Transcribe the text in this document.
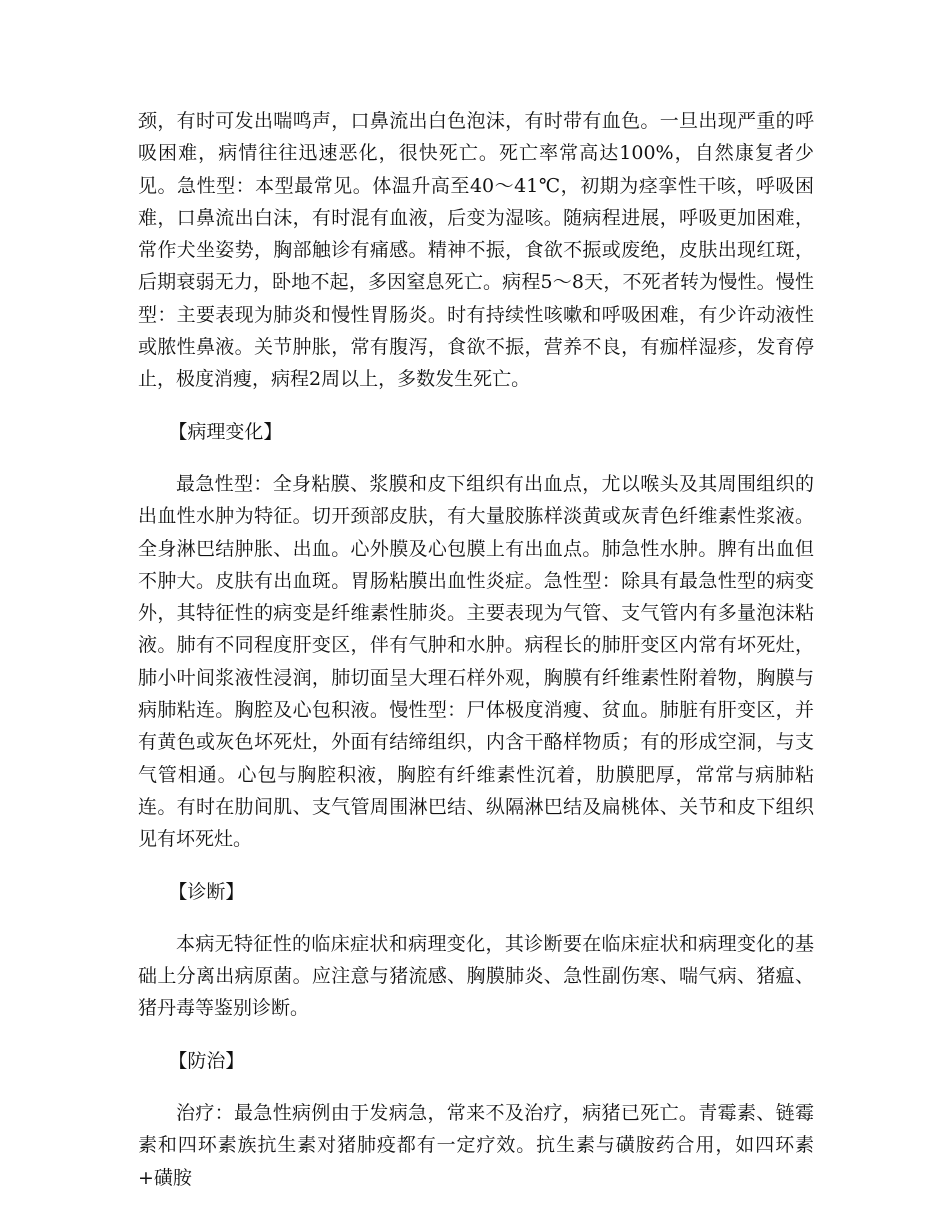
颈，有时可发出喘鸣声，口鼻流出白色泡沫，有时带有血色。一旦出现严重的呼吸困难，病情往往迅速恶化，很快死亡。死亡率常高达100%，自然康复者少见。急性型：本型最常见。体温升高至40～41℃，初期为痉挛性干咳，呼吸困难，口鼻流出白沫，有时混有血液，后变为湿咳。随病程进展，呼吸更加困难，常作犬坐姿势，胸部触诊有痛感。精神不振，食欲不振或废绝，皮肤出现红斑，后期衰弱无力，卧地不起，多因窒息死亡。病程5～8天，不死者转为慢性。慢性型：主要表现为肺炎和慢性胃肠炎。时有持续性咳嗽和呼吸困难，有少许动液性或脓性鼻液。关节肿胀，常有腹泻，食欲不振，营养不良，有痂样湿疹，发育停止，极度消瘦，病程2周以上，多数发生死亡。

【病理变化】

最急性型：全身粘膜、浆膜和皮下组织有出血点，尤以喉头及其周围组织的出血性水肿为特征。切开颈部皮肤，有大量胶胨样淡黄或灰青色纤维素性浆液。全身淋巴结肿胀、出血。心外膜及心包膜上有出血点。肺急性水肿。脾有出血但不肿大。皮肤有出血斑。胃肠粘膜出血性炎症。急性型：除具有最急性型的病变外，其特征性的病变是纤维素性肺炎。主要表现为气管、支气管内有多量泡沫粘液。肺有不同程度肝变区，伴有气肿和水肿。病程长的肺肝变区内常有坏死灶，肺小叶间浆液性浸润，肺切面呈大理石样外观，胸膜有纤维素性附着物，胸膜与病肺粘连。胸腔及心包积液。慢性型：尸体极度消瘦、贫血。肺脏有肝变区，并有黄色或灰色坏死灶，外面有结缔组织，内含干酪样物质；有的形成空洞，与支气管相通。心包与胸腔积液，胸腔有纤维素性沉着，肋膜肥厚，常常与病肺粘连。有时在肋间肌、支气管周围淋巴结、纵隔淋巴结及扁桃体、关节和皮下组织见有坏死灶。

【诊断】

本病无特征性的临床症状和病理变化，其诊断要在临床症状和病理变化的基础上分离出病原菌。应注意与猪流感、胸膜肺炎、急性副伤寒、喘气病、猪瘟、猪丹毒等鉴别诊断。

【防治】

治疗：最急性病例由于发病急，常来不及治疗，病猪已死亡。青霉素、链霉素和四环素族抗生素对猪肺疫都有一定疗效。抗生素与磺胺药合用，如四环素+磺胺
